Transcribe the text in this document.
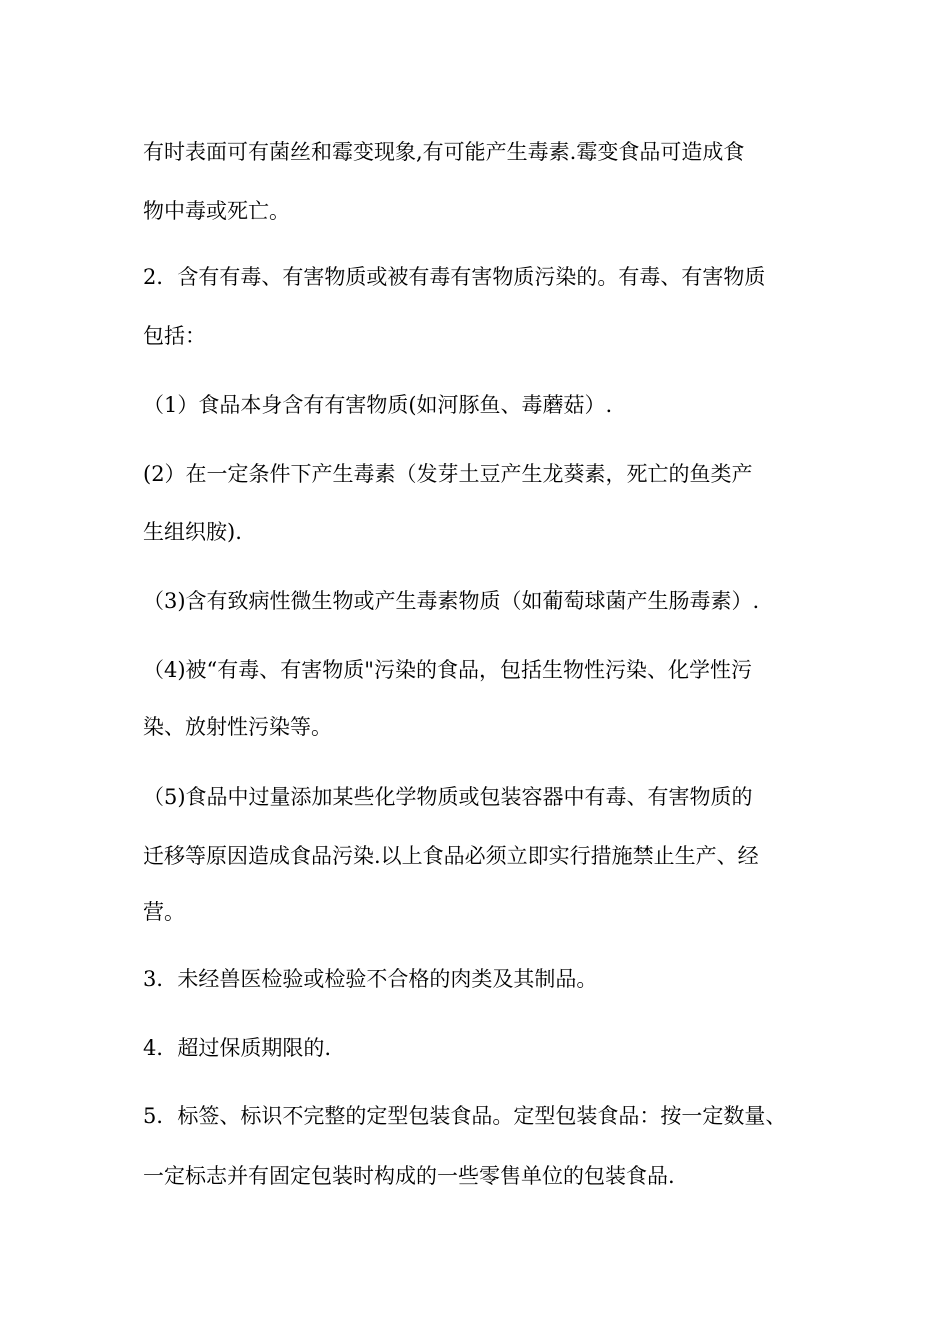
有时表面可有菌丝和霉变现象,有可能产生毒素.霉变食品可造成食
物中毒或死亡。
2．含有有毒、有害物质或被有毒有害物质污染的。有毒、有害物质
包括：
（1）食品本身含有有害物质(如河豚鱼、毒蘑菇）.
(2）在一定条件下产生毒素（发芽土豆产生龙葵素，死亡的鱼类产
生组织胺).
（3)含有致病性微生物或产生毒素物质（如葡萄球菌产生肠毒素）.
（4)被“有毒、有害物质"污染的食品，包括生物性污染、化学性污
染、放射性污染等。
（5)食品中过量添加某些化学物质或包装容器中有毒、有害物质的
迁移等原因造成食品污染.以上食品必须立即实行措施禁止生产、经
营。
3．未经兽医检验或检验不合格的肉类及其制品。
4．超过保质期限的.
5．标签、标识不完整的定型包装食品。定型包装食品：按一定数量、
一定标志并有固定包装时构成的一些零售单位的包装食品.
